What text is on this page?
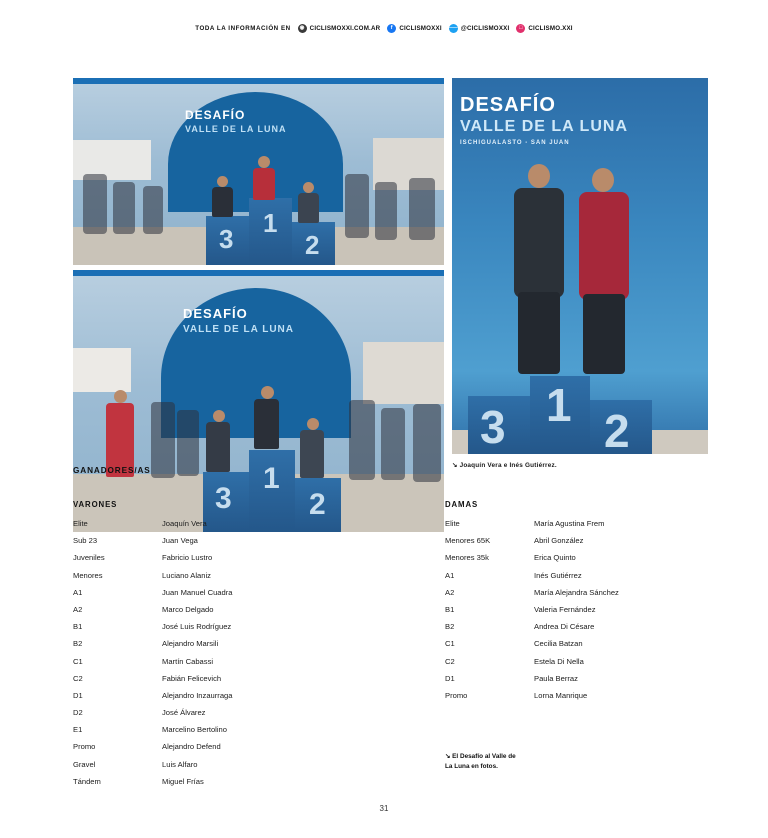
TODA LA INFORMACIÓN EN	◉ CICLISMOXXI.COM.AR	f	CICLISMOXXI ⸺ @CICLISMOXXI	□ CICLISMO.XXI
DESAFÍO
VALLE DE LA LUNA
3
1
2
DESAFÍO
VALLE DE LA LUNA
3
1
2
DESAFÍO
VALLE DE LA LUNA
ISCHIGUALASTO - SAN JUAN
3 1 2
↘ Joaquín Vera e Inés Gutiérrez.
GANADORES/AS
VARONES
Elite	Joaquín Vera
Sub 23	Juan Vega
Juveniles	Fabricio Lustro
Menores	Luciano Alaniz
A1	Juan Manuel Cuadra
A2	Marco Delgado
B1	José Luis Rodríguez
B2	Alejandro Marsili
C1	Martín Cabassi
C2	Fabián Felicevich
D1	Alejandro Inzaurraga
D2	José Álvarez
E1	Marcelino Bertolino
Promo	Alejandro Defend
Gravel	Luis Alfaro
Tándem	Miguel Frías
DAMAS
Elite	María Agustina Frem
Menores 65K	Abril González
Menores 35k	Erica Quinto
A1	Inés Gutiérrez
A2	María Alejandra Sánchez
B1	Valeria Fernández
B2	Andrea Di Césare
C1	Cecilia Batzan
C2	Estela Di Nella
D1	Paula Berraz
Promo	Lorna Manrique
↘ El Desafío al Valle de
La Luna en fotos.
31
